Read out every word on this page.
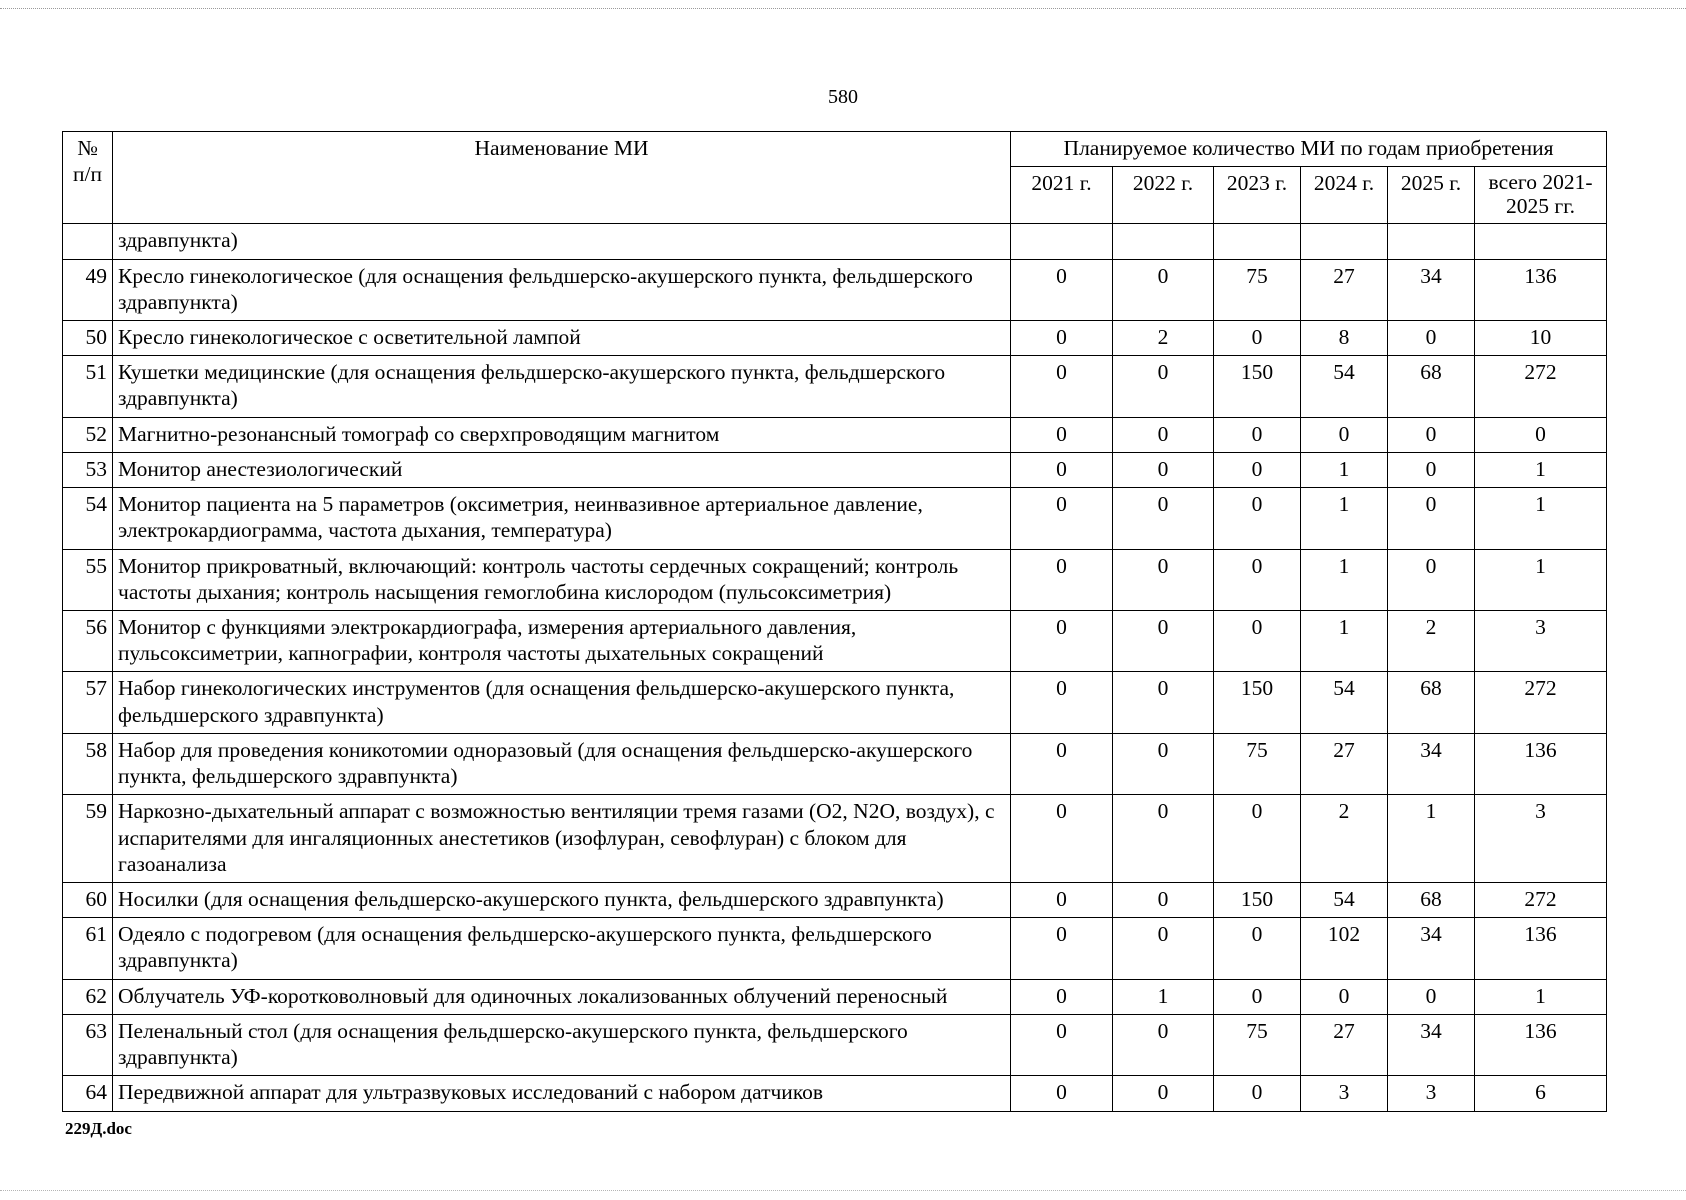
580
№ п/п	Наименование МИ	Планируемое количество МИ по годам приобретения					
		2021 г.	2022 г.	2023 г.	2024 г.	2025 г.	всего 2021-2025 гг.
	здравпункта)						
49	Кресло гинекологическое (для оснащения фельдшерско-акушерского пункта, фельдшерского здравпункта)	0	0	75	27	34	136
50	Кресло гинекологическое с осветительной лампой	0	2	0	8	0	10
51	Кушетки медицинские (для оснащения фельдшерско-акушерского пункта, фельдшерского здравпункта)	0	0	150	54	68	272
52	Магнитно-резонансный томограф со сверхпроводящим магнитом	0	0	0	0	0	0
53	Монитор анестезиологический	0	0	0	1	0	1
54	Монитор пациента на 5 параметров (оксиметрия, неинвазивное артериальное давление, электрокардиограмма, частота дыхания, температура)	0	0	0	1	0	1
55	Монитор прикроватный, включающий: контроль частоты сердечных сокращений; контроль частоты дыхания; контроль насыщения гемоглобина кислородом (пульсоксиметрия)	0	0	0	1	0	1
56	Монитор с функциями электрокардиографа, измерения артериального давления, пульсоксиметрии, капнографии, контроля частоты дыхательных сокращений	0	0	0	1	2	3
57	Набор гинекологических инструментов (для оснащения фельдшерско-акушерского пункта, фельдшерского здравпункта)	0	0	150	54	68	272
58	Набор для проведения коникотомии одноразовый (для оснащения фельдшерско-акушерского пункта, фельдшерского здравпункта)	0	0	75	27	34	136
59	Наркозно-дыхательный аппарат с возможностью вентиляции тремя газами (О2, N2O, воздух), с испарителями для ингаляционных анестетиков (изофлуран, севофлуран) с блоком для газоанализа	0	0	0	2	1	3
60	Носилки (для оснащения фельдшерско-акушерского пункта, фельдшерского здравпункта)	0	0	150	54	68	272
61	Одеяло с подогревом (для оснащения фельдшерско-акушерского пункта, фельдшерского здравпункта)	0	0	0	102	34	136
62	Облучатель УФ-коротковолновый для одиночных локализованных облучений переносный	0	1	0	0	0	1
63	Пеленальный стол (для оснащения фельдшерско-акушерского пункта, фельдшерского здравпункта)	0	0	75	27	34	136
64	Передвижной аппарат для ультразвуковых исследований с набором датчиков	0	0	0	3	3	6
229Д.doc
